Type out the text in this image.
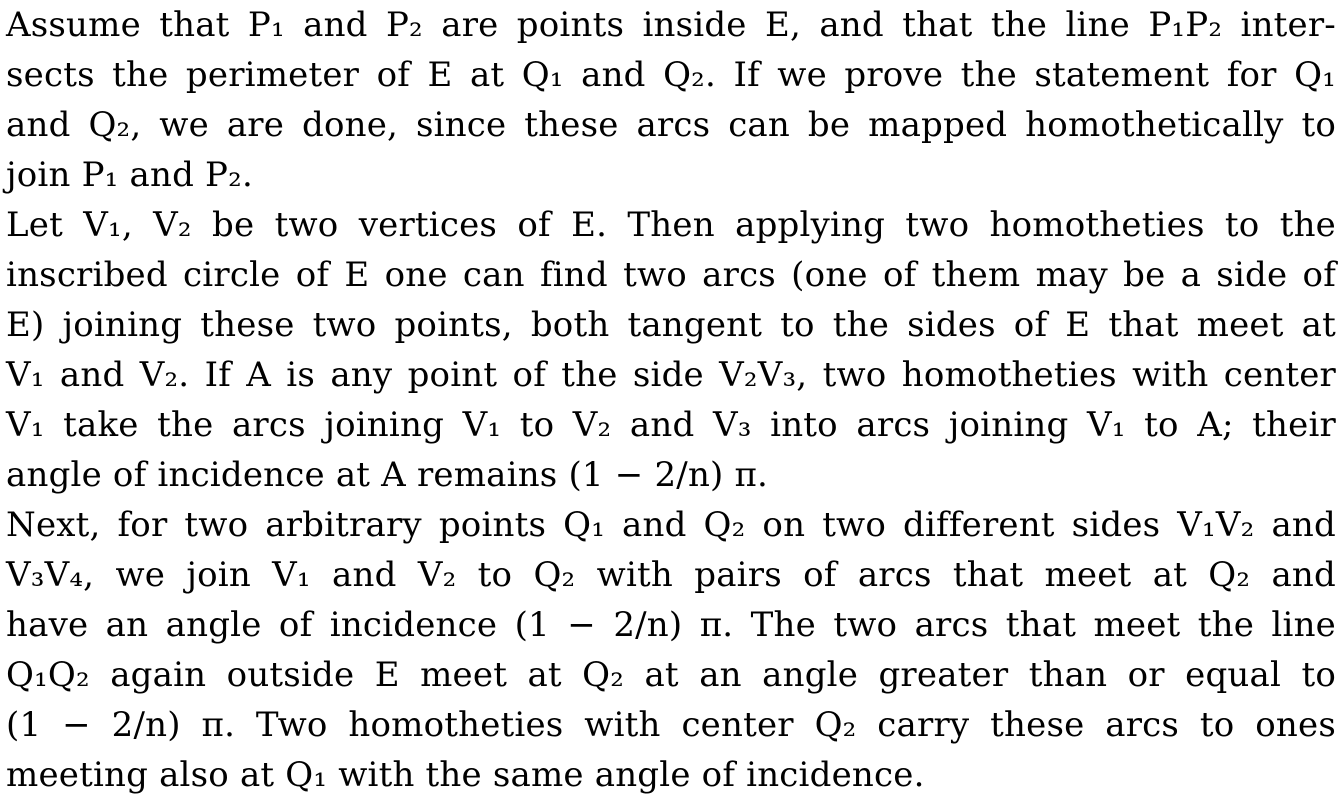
Assume that P₁ and P₂ are points inside E, and that the line P₁P₂ inter-
sects the perimeter of E at Q₁ and Q₂. If we prove the statement for Q₁
and Q₂, we are done, since these arcs can be mapped homothetically to
join P₁ and P₂.
Let V₁, V₂ be two vertices of E. Then applying two homotheties to the
inscribed circle of E one can find two arcs (one of them may be a side of
E) joining these two points, both tangent to the sides of E that meet at
V₁ and V₂. If A is any point of the side V₂V₃, two homotheties with center
V₁ take the arcs joining V₁ to V₂ and V₃ into arcs joining V₁ to A; their
angle of incidence at A remains (1 − 2/n) π.
Next, for two arbitrary points Q₁ and Q₂ on two different sides V₁V₂ and
V₃V₄, we join V₁ and V₂ to Q₂ with pairs of arcs that meet at Q₂ and
have an angle of incidence (1 − 2/n) π. The two arcs that meet the line
Q₁Q₂ again outside E meet at Q₂ at an angle greater than or equal to
(1 − 2/n) π. Two homotheties with center Q₂ carry these arcs to ones
meeting also at Q₁ with the same angle of incidence.
